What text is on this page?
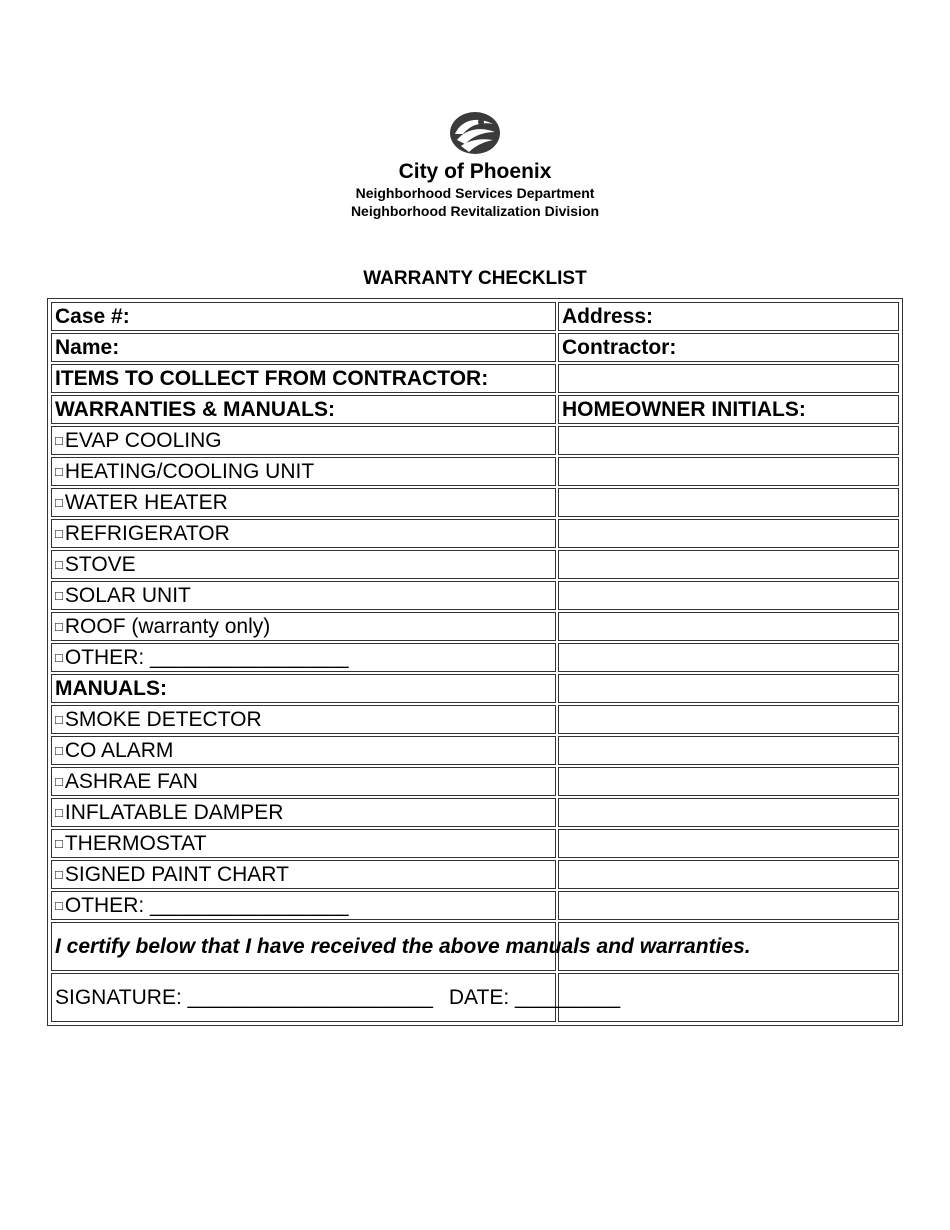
City of Phoenix
Neighborhood Services Department
Neighborhood Revitalization Division
WARRANTY CHECKLIST
Case #:	Address:
Name:	Contractor:
ITEMS TO COLLECT FROM CONTRACTOR:	
WARRANTIES & MANUALS:	HOMEOWNER INITIALS:
□EVAP COOLING	
□HEATING/COOLING UNIT	
□WATER HEATER	
□REFRIGERATOR	
□STOVE	
□SOLAR UNIT	
□ROOF (warranty only)	
□OTHER: _________________	
MANUALS:	
□SMOKE DETECTOR	
□CO ALARM	
□ASHRAE FAN	
□INFLATABLE DAMPER	
□THERMOSTAT	
□SIGNED PAINT CHART	
□OTHER: _________________	
I certify below that I have received the above manuals and warranties.	
SIGNATURE: _____________________ DATE: _________	
